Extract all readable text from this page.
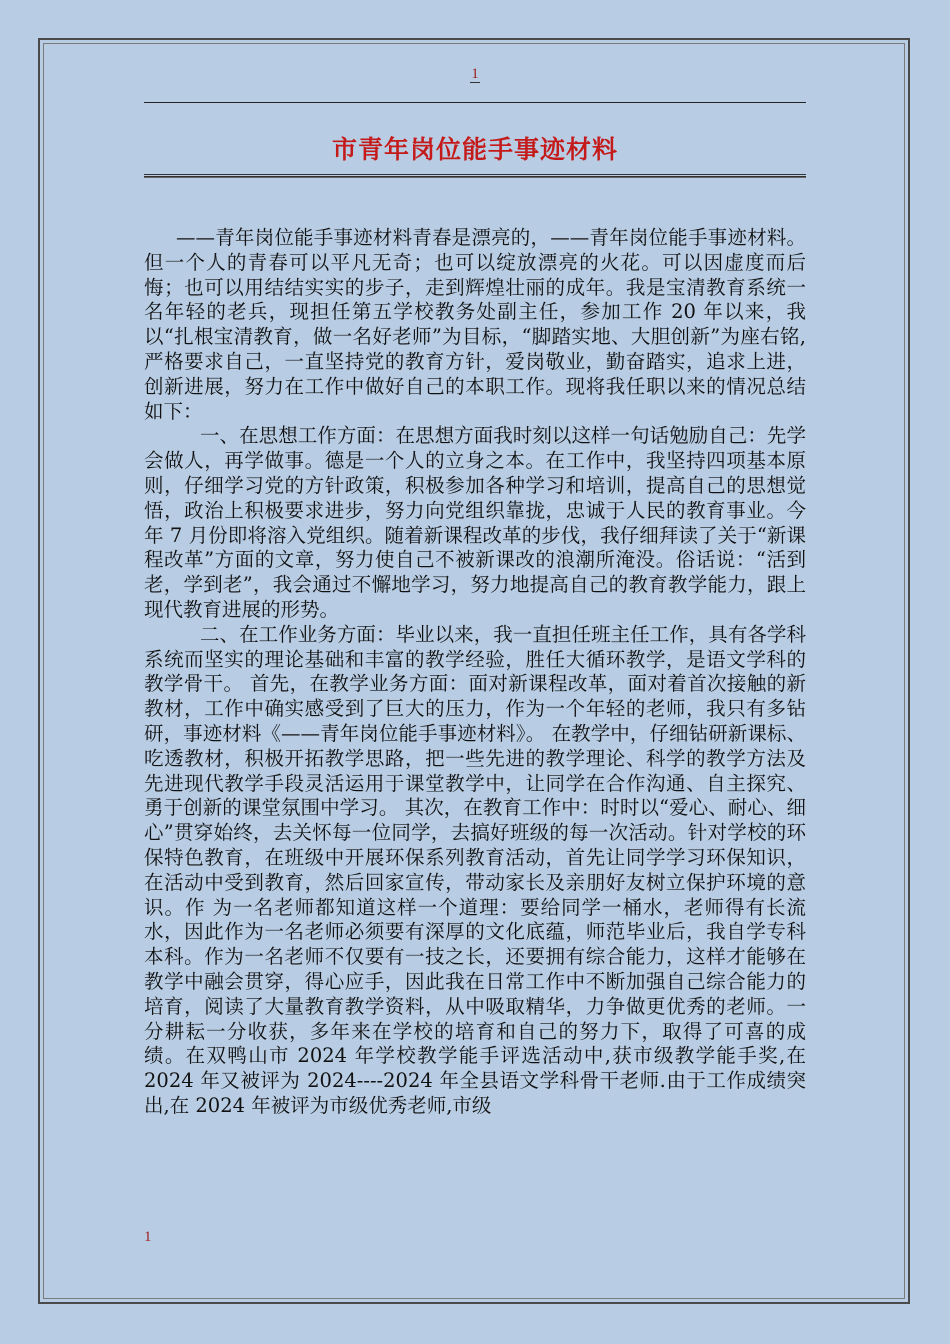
1
市青年岗位能手事迹材料

——青年岗位能手事迹材料青春是漂亮的，——青年岗位能手事迹材料。但一个人的青春可以平凡无奇；也可以绽放漂亮的火花。可以因虚度而后悔；也可以用结结实实的步子，走到辉煌壮丽的成年。我是宝清教育系统一名年轻的老兵，现担任第五学校教务处副主任，参加工作 20 年以来，我以“扎根宝清教育，做一名好老师”为目标，“脚踏实地、大胆创新”为座右铭,严格要求自己，一直坚持党的教育方针，爱岗敬业，勤奋踏实，追求上进，创新进展，努力在工作中做好自己的本职工作。现将我任职以来的情况总结如下：

一、在思想工作方面：在思想方面我时刻以这样一句话勉励自己：先学会做人，再学做事。德是一个人的立身之本。在工作中，我坚持四项基本原则，仔细学习党的方针政策，积极参加各种学习和培训，提高自己的思想觉悟，政治上积极要求进步，努力向党组织靠拢，忠诚于人民的教育事业。今年 7 月份即将溶入党组织。随着新课程改革的步伐，我仔细拜读了关于“新课程改革”方面的文章，努力使自己不被新课改的浪潮所淹没。俗话说：“活到老，学到老”，我会通过不懈地学习，努力地提高自己的教育教学能力，跟上现代教育进展的形势。

二、在工作业务方面：毕业以来，我一直担任班主任工作，具有各学科系统而坚实的理论基础和丰富的教学经验，胜任大循环教学，是语文学科的教学骨干。 首先，在教学业务方面：面对新课程改革，面对着首次接触的新教材，工作中确实感受到了巨大的压力，作为一个年轻的老师，我只有多钻研，事迹材料《——青年岗位能手事迹材料》。 在教学中，仔细钻研新课标、吃透教材，积极开拓教学思路，把一些先进的教学理论、科学的教学方法及先进现代教学手段灵活运用于课堂教学中，让同学在合作沟通、自主探究、勇于创新的课堂氛围中学习。 其次，在教育工作中：时时以“爱心、耐心、细心”贯穿始终，去关怀每一位同学，去搞好班级的每一次活动。针对学校的环保特色教育，在班级中开展环保系列教育活动，首先让同学学习环保知识，在活动中受到教育，然后回家宣传，带动家长及亲朋好友树立保护环境的意识。作 为一名老师都知道这样一个道理：要给同学一桶水，老师得有长流水，因此作为一名老师必须要有深厚的文化底蕴，师范毕业后，我自学专科本科。作为一名老师不仅要有一技之长，还要拥有综合能力，这样才能够在教学中融会贯穿，得心应手，因此我在日常工作中不断加强自己综合能力的培育，阅读了大量教育教学资料，从中吸取精华，力争做更优秀的老师。一分耕耘一分收获，多年来在学校的培育和自己的努力下，取得了可喜的成绩。在双鸭山市 2024 年学校教学能手评选活动中,获市级教学能手奖,在 2024 年又被评为 2024----2024 年全县语文学科骨干老师.由于工作成绩突出,在 2024 年被评为市级优秀老师,市级

1
